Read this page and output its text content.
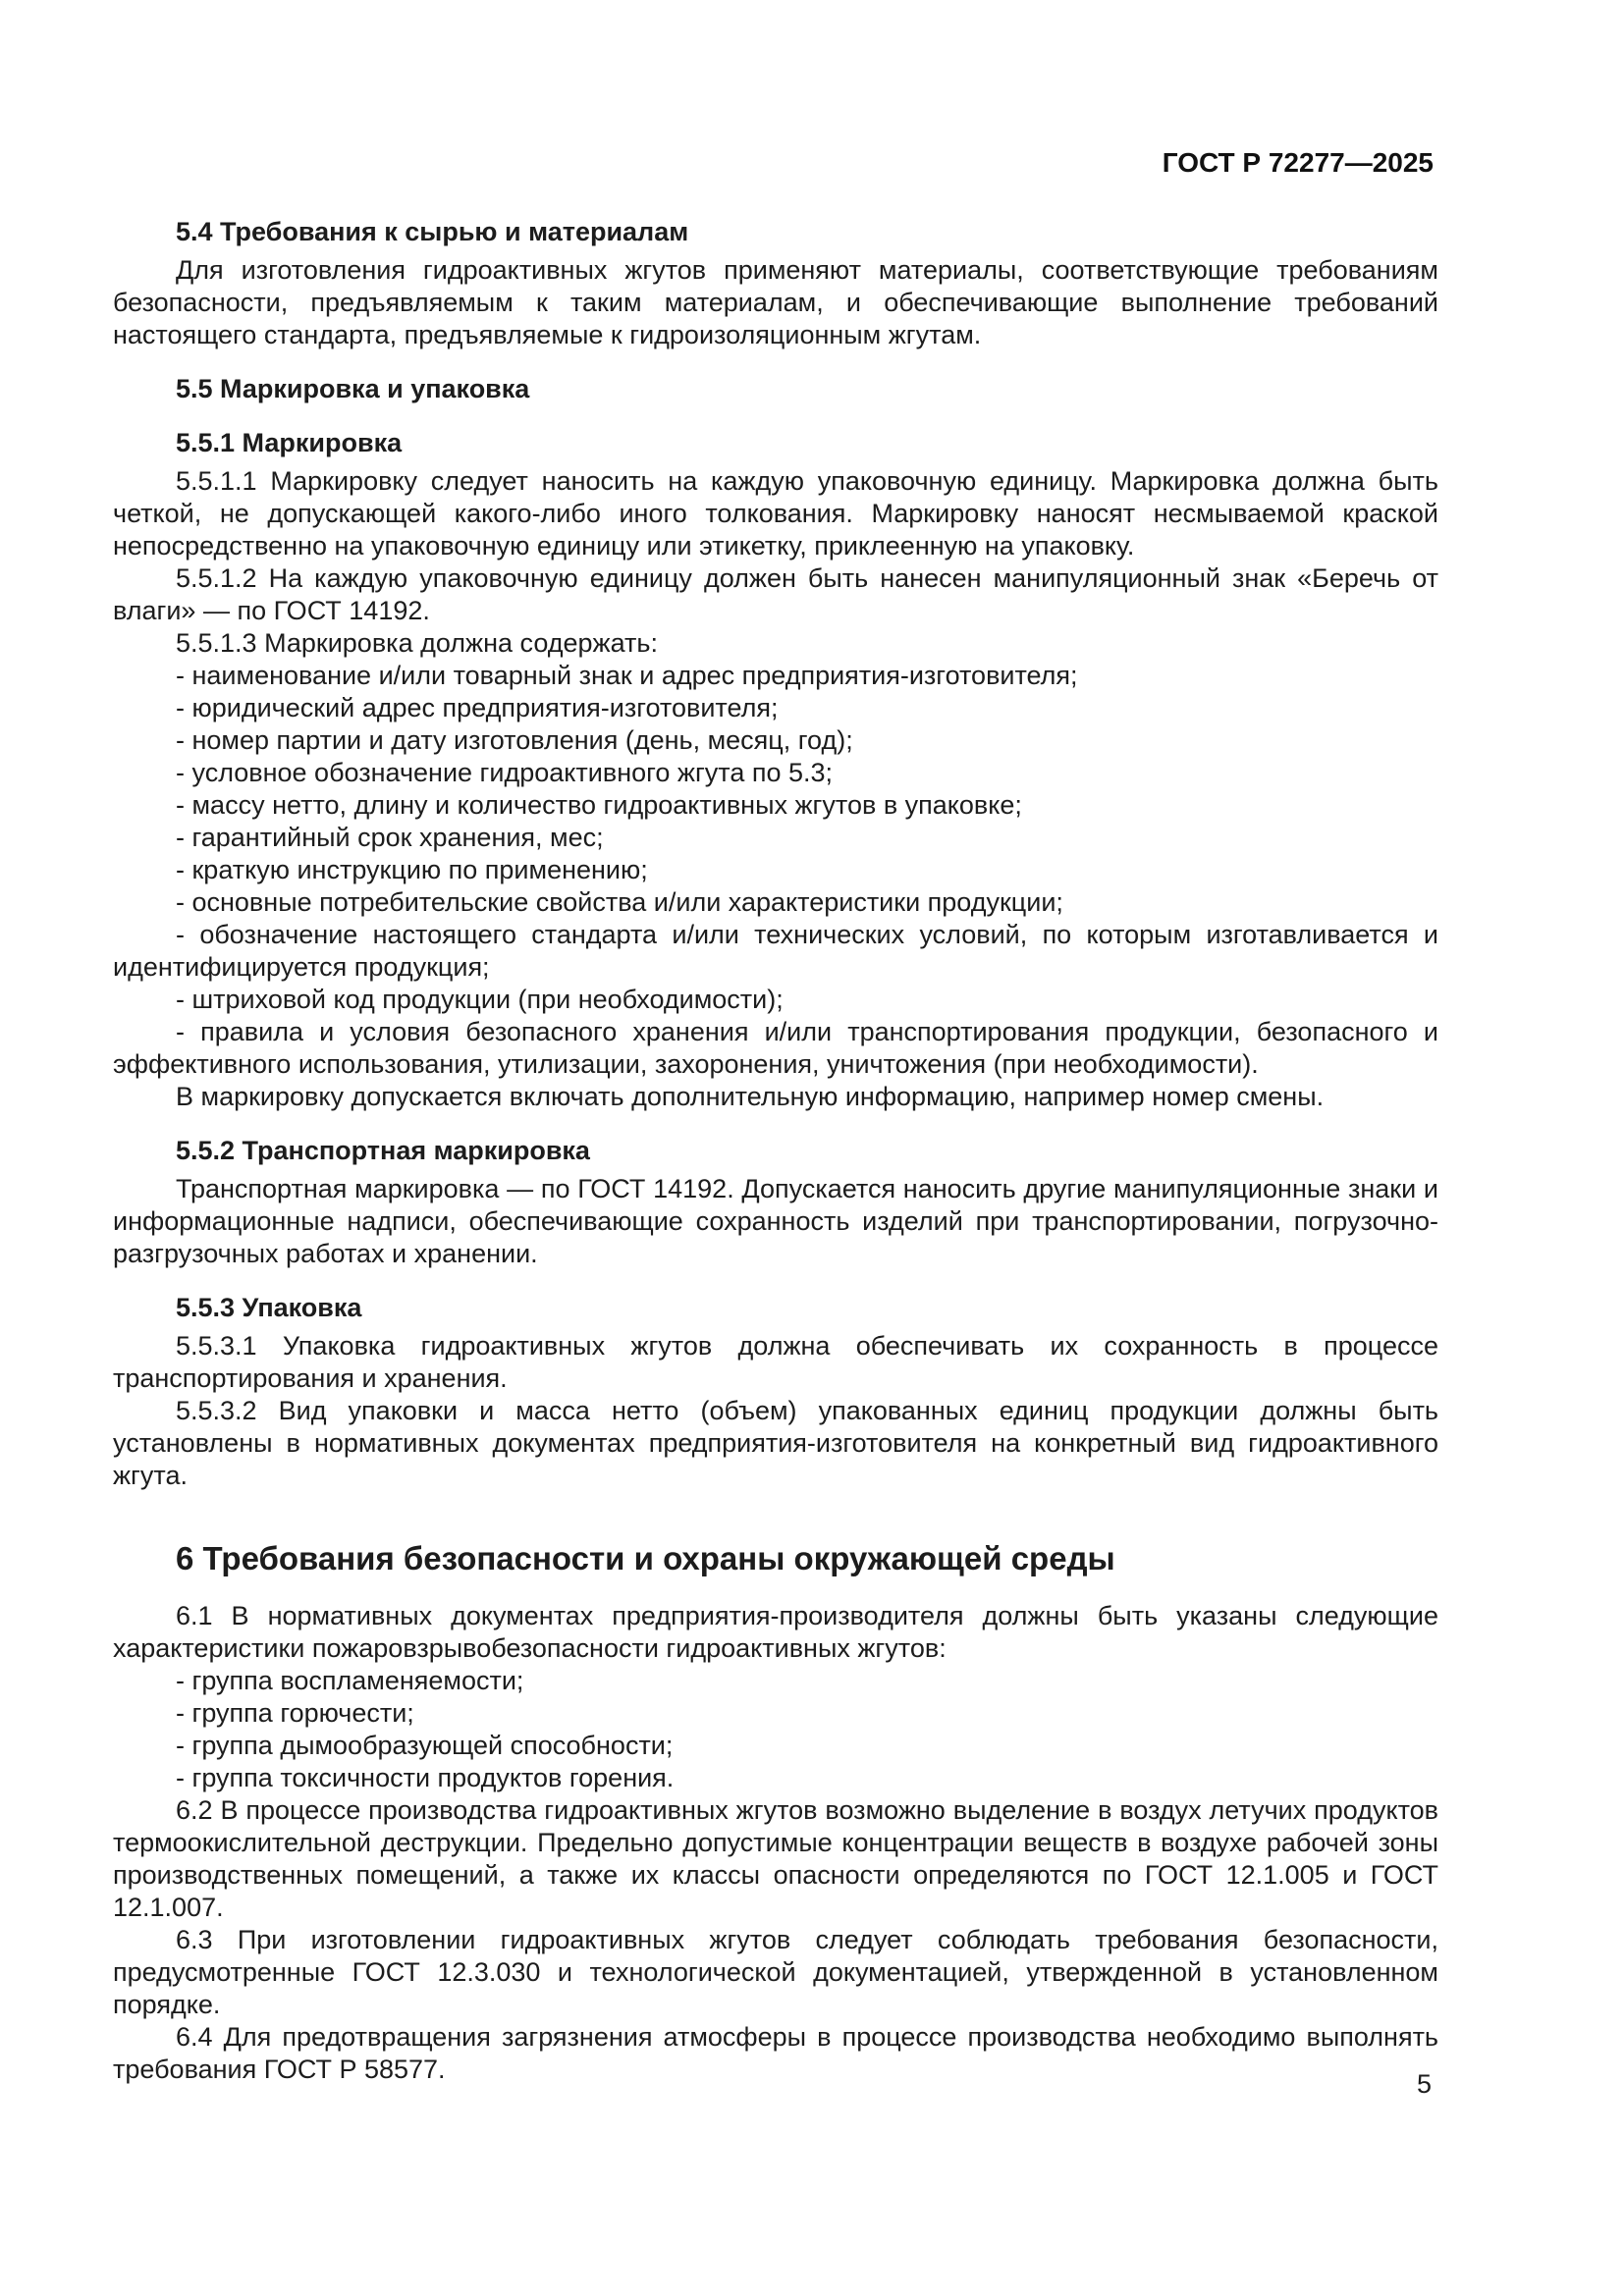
ГОСТ Р 72277—2025
5.4 Требования к сырью и материалам
Для изготовления гидроактивных жгутов применяют материалы, соответствующие требованиям безопасности, предъявляемым к таким материалам, и обеспечивающие выполнение требований настоящего стандарта, предъявляемые к гидроизоляционным жгутам.
5.5 Маркировка и упаковка
5.5.1 Маркировка
5.5.1.1 Маркировку следует наносить на каждую упаковочную единицу. Маркировка должна быть четкой, не допускающей какого-либо иного толкования. Маркировку наносят несмываемой краской непосредственно на упаковочную единицу или этикетку, приклеенную на упаковку.
5.5.1.2 На каждую упаковочную единицу должен быть нанесен манипуляционный знак «Беречь от влаги» — по ГОСТ 14192.
5.5.1.3 Маркировка должна содержать:
- наименование и/или товарный знак и адрес предприятия-изготовителя;
- юридический адрес предприятия-изготовителя;
- номер партии и дату изготовления (день, месяц, год);
- условное обозначение гидроактивного жгута по 5.3;
- массу нетто, длину и количество гидроактивных жгутов в упаковке;
- гарантийный срок хранения, мес;
- краткую инструкцию по применению;
- основные потребительские свойства и/или характеристики продукции;
- обозначение настоящего стандарта и/или технических условий, по которым изготавливается и идентифицируется продукция;
- штриховой код продукции (при необходимости);
- правила и условия безопасного хранения и/или транспортирования продукции, безопасного и эффективного использования, утилизации, захоронения, уничтожения (при необходимости).
В маркировку допускается включать дополнительную информацию, например номер смены.
5.5.2 Транспортная маркировка
Транспортная маркировка — по ГОСТ 14192. Допускается наносить другие манипуляционные знаки и информационные надписи, обеспечивающие сохранность изделий при транспортировании, погрузочно-разгрузочных работах и хранении.
5.5.3 Упаковка
5.5.3.1 Упаковка гидроактивных жгутов должна обеспечивать их сохранность в процессе транспортирования и хранения.
5.5.3.2 Вид упаковки и масса нетто (объем) упакованных единиц продукции должны быть установлены в нормативных документах предприятия-изготовителя на конкретный вид гидроактивного жгута.
6 Требования безопасности и охраны окружающей среды
6.1 В нормативных документах предприятия-производителя должны быть указаны следующие характеристики пожаровзрывобезопасности гидроактивных жгутов:
- группа воспламеняемости;
- группа горючести;
- группа дымообразующей способности;
- группа токсичности продуктов горения.
6.2 В процессе производства гидроактивных жгутов возможно выделение в воздух летучих продуктов термоокислительной деструкции. Предельно допустимые концентрации веществ в воздухе рабочей зоны производственных помещений, а также их классы опасности определяются по ГОСТ 12.1.005 и ГОСТ 12.1.007.
6.3 При изготовлении гидроактивных жгутов следует соблюдать требования безопасности, предусмотренные ГОСТ 12.3.030 и технологической документацией, утвержденной в установленном порядке.
6.4 Для предотвращения загрязнения атмосферы в процессе производства необходимо выполнять требования ГОСТ Р 58577.	5
